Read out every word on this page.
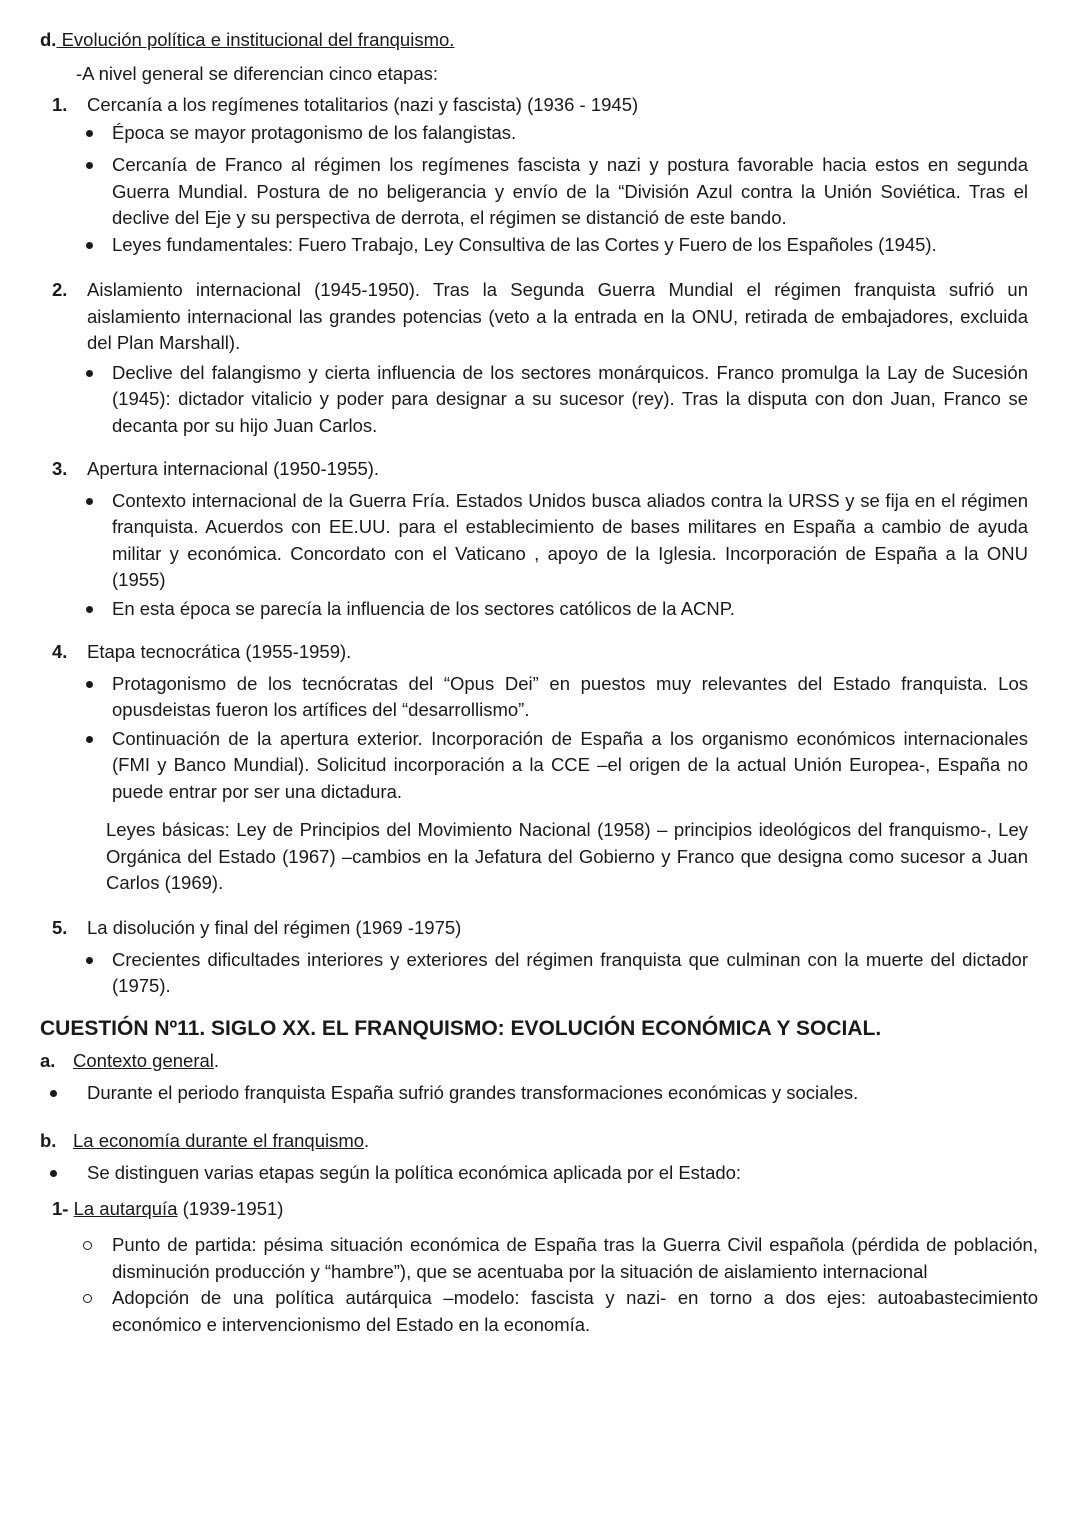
d. Evolución política e institucional del franquismo.
-A nivel general se diferencian cinco etapas:
1.	Cercanía a los regímenes totalitarios (nazi y fascista) (1936 - 1945)
Época se mayor protagonismo de los falangistas.
Cercanía de Franco al régimen los regímenes fascista y nazi y postura favorable hacia estos en segunda Guerra Mundial. Postura de no beligerancia y envío de la “División Azul contra la Unión Soviética. Tras el declive del Eje y su perspectiva de derrota, el régimen se distanció de este bando.
Leyes fundamentales: Fuero Trabajo, Ley Consultiva de las Cortes y Fuero de los Españoles (1945).
2.	Aislamiento internacional (1945-1950). Tras la Segunda Guerra Mundial el régimen franquista sufrió un aislamiento internacional las grandes potencias (veto a la entrada en la ONU, retirada de embajadores, excluida del Plan Marshall).
Declive del falangismo y cierta influencia de los sectores monárquicos. Franco promulga la Lay de Sucesión (1945): dictador vitalicio y poder para designar a su sucesor (rey). Tras la disputa con don Juan, Franco se decanta por su hijo Juan Carlos.
3.	Apertura internacional (1950-1955).
Contexto internacional de la Guerra Fría. Estados Unidos busca aliados contra la URSS y se fija en el régimen franquista. Acuerdos con EE.UU. para el establecimiento de bases militares en España a cambio de ayuda militar y económica. Concordato con el Vaticano , apoyo de la Iglesia. Incorporación de España a la ONU (1955)
En esta época se parecía la influencia de los sectores católicos de la ACNP.
4.	Etapa tecnocrática (1955-1959).
Protagonismo de los tecnócratas del “Opus Dei” en puestos muy relevantes del Estado franquista. Los opusdeistas fueron los artífices del “desarrollismo”.
Continuación de la apertura exterior. Incorporación de España a los organismo económicos internacionales (FMI y Banco Mundial). Solicitud incorporación a la CCE –el origen de la actual Unión Europea-, España no puede entrar por ser una dictadura.
Leyes básicas: Ley de Principios del Movimiento Nacional (1958) – principios ideológicos del franquismo-, Ley Orgánica del Estado (1967) –cambios en la Jefatura del Gobierno y Franco que designa como sucesor a Juan Carlos (1969).
5.	La disolución y final del régimen (1969 -1975)
Crecientes dificultades interiores y exteriores del régimen franquista que culminan con la muerte del dictador (1975).
CUESTIÓN Nº11. SIGLO XX. EL FRANQUISMO: EVOLUCIÓN ECONÓMICA Y SOCIAL.
a. Contexto general.
Durante el periodo franquista España sufrió grandes transformaciones económicas y sociales.
b. La economía durante el franquismo.
Se distinguen varias etapas según la política económica aplicada por el Estado:
1- La autarquía (1939-1951)
Punto de partida: pésima situación económica de España tras la Guerra Civil española (pérdida de población, disminución producción y “hambre”), que se acentuaba por la situación de aislamiento internacional
Adopción de una política autárquica –modelo: fascista y nazi- en torno a dos ejes: autoabastecimiento económico e intervencionismo del Estado en la economía.
